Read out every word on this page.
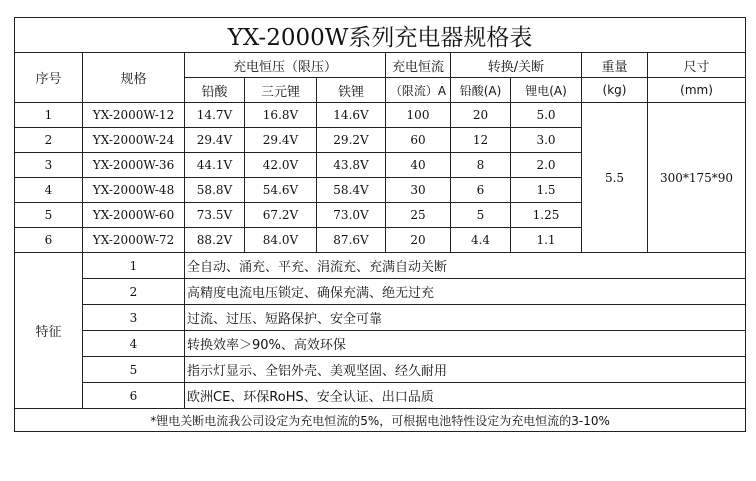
YX-2000W系列充电器规格表									
序号	规格	充电恒压（限压）			充电恒流	转换/关断		重量	尺寸
		铅酸	三元锂	铁锂	（限流）A	铅酸(A)	锂电(A)	(kg)	(mm)
1	YX-2000W-12	14.7V	16.8V	14.6V	100	20	5.0	5.5	300*175*90
2	YX-2000W-24	29.4V	29.4V	29.2V	60	12	3.0		
3	YX-2000W-36	44.1V	42.0V	43.8V	40	8	2.0		
4	YX-2000W-48	58.8V	54.6V	58.4V	30	6	1.5		
5	YX-2000W-60	73.5V	67.2V	73.0V	25	5	1.25		
6	YX-2000W-72	88.2V	84.0V	87.6V	20	4.4	1.1		
特征	1	全自动、涌充、平充、涓流充、充满自动关断							
	2	高精度电流电压锁定、确保充满、绝无过充							
	3	过流、过压、短路保护、安全可靠							
	4	转换效率＞90%、高效环保							
	5	指示灯显示、全铝外壳、美观坚固、经久耐用							
	6	欧洲CE、环保RoHS、安全认证、出口品质							
*锂电关断电流我公司设定为充电恒流的5%，可根据电池特性设定为充电恒流的3-10%									
